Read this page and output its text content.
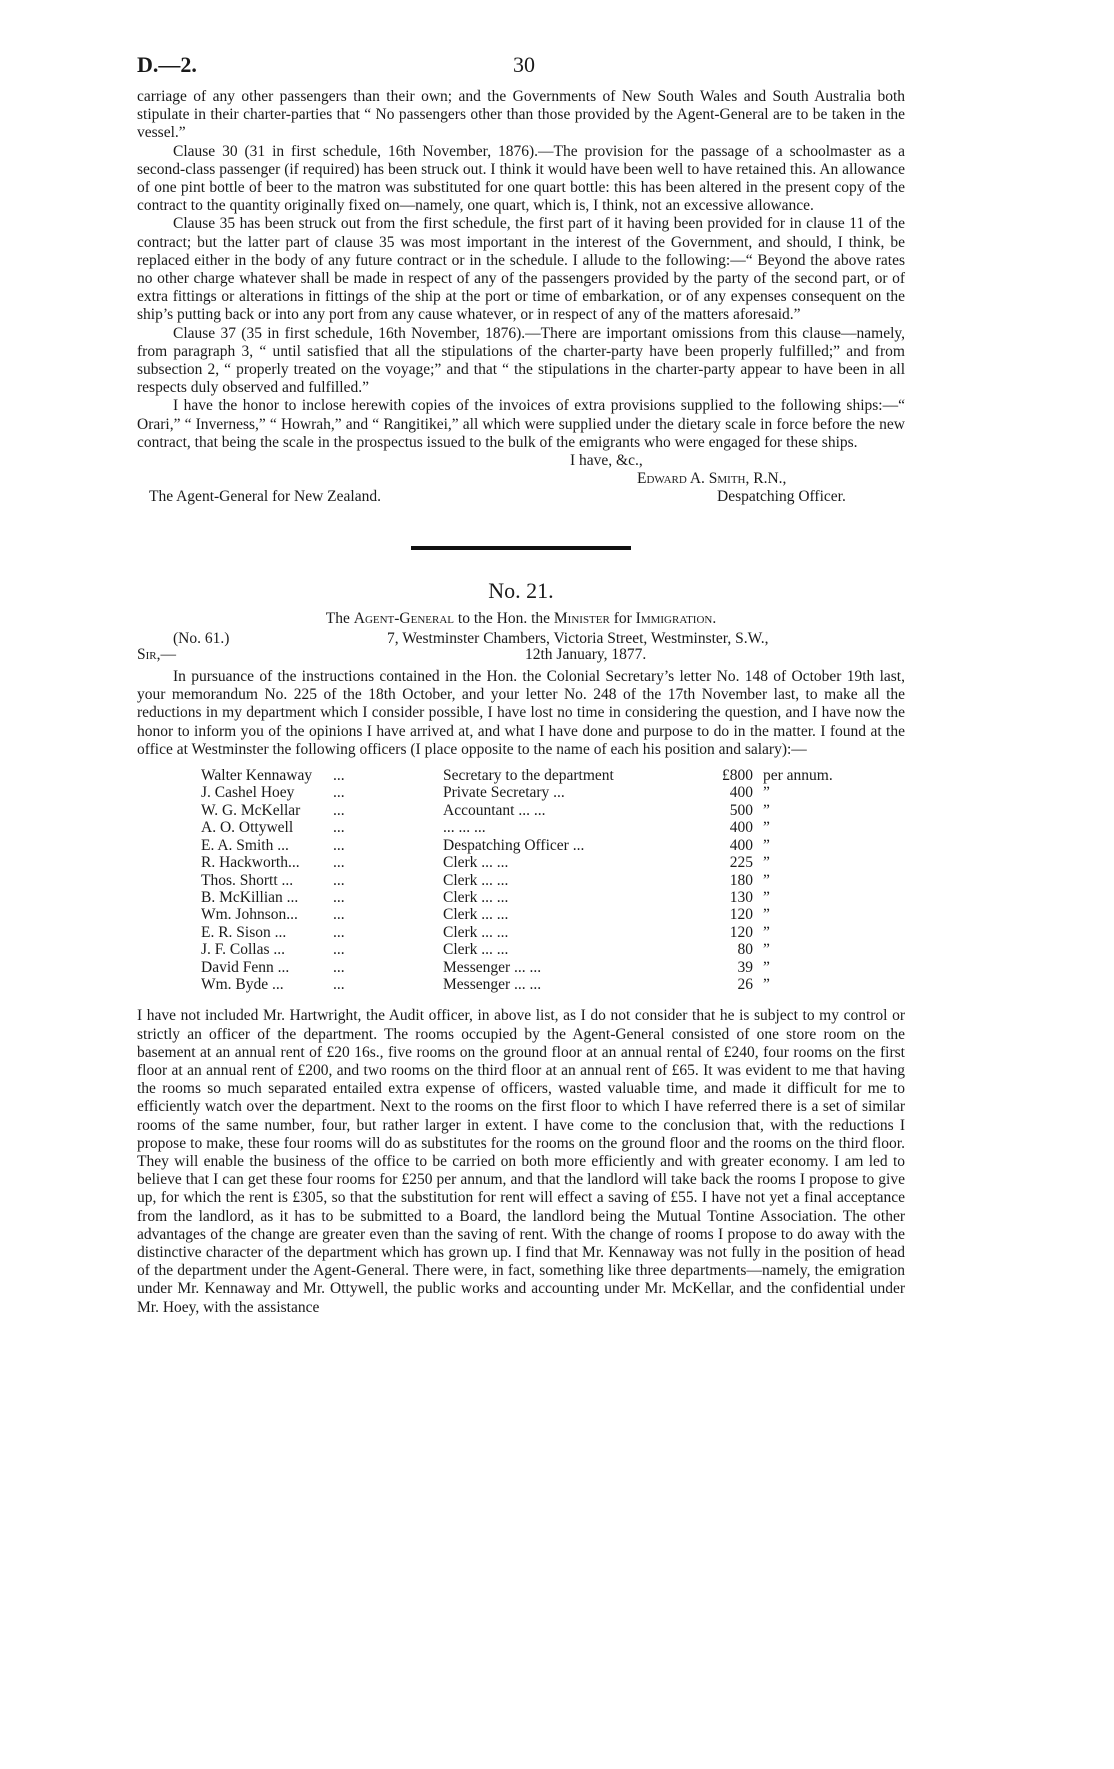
D.—2.	30

carriage of any other passengers than their own; and the Governments of New South Wales and South Australia both stipulate in their charter-parties that “ No passengers other than those provided by the Agent-General are to be taken in the vessel.”

Clause 30 (31 in first schedule, 16th November, 1876).—The provision for the passage of a schoolmaster as a second-class passenger (if required) has been struck out. I think it would have been well to have retained this. An allowance of one pint bottle of beer to the matron was substituted for one quart bottle: this has been altered in the present copy of the contract to the quantity originally fixed on—namely, one quart, which is, I think, not an excessive allowance.

Clause 35 has been struck out from the first schedule, the first part of it having been provided for in clause 11 of the contract; but the latter part of clause 35 was most important in the interest of the Government, and should, I think, be replaced either in the body of any future contract or in the schedule. I allude to the following:—“ Beyond the above rates no other charge whatever shall be made in respect of any of the passengers provided by the party of the second part, or of extra fittings or alterations in fittings of the ship at the port or time of embarkation, or of any expenses consequent on the ship’s putting back or into any port from any cause whatever, or in respect of any of the matters aforesaid.”

Clause 37 (35 in first schedule, 16th November, 1876).—There are important omissions from this clause—namely, from paragraph 3, “ until satisfied that all the stipulations of the charter-party have been properly fulfilled;” and from subsection 2, “ properly treated on the voyage;” and that “ the stipulations in the charter-party appear to have been in all respects duly observed and fulfilled.”

I have the honor to inclose herewith copies of the invoices of extra provisions supplied to the following ships:—“ Orari,” “ Inverness,” “ Howrah,” and “ Rangitikei,” all which were supplied under the dietary scale in force before the new contract, that being the scale in the prospectus issued to the bulk of the emigrants who were engaged for these ships.

I have, &c.,
Edward A. Smith, R.N.,
The Agent-General for New Zealand.	Despatching Officer.
No. 21.
The Agent-General to the Hon. the Minister for Immigration.
(No. 61.)	7, Westminster Chambers, Victoria Street, Westminster, S.W.,
Sir,—	12th January, 1877.

In pursuance of the instructions contained in the Hon. the Colonial Secretary’s letter No. 148 of October 19th last, your memorandum No. 225 of the 18th October, and your letter No. 248 of the 17th November last, to make all the reductions in my department which I consider possible, I have lost no time in considering the question, and I have now the honor to inform you of the opinions I have arrived at, and what I have done and purpose to do in the matter. I found at the office at Westminster the following officers (I place opposite to the name of each his position and salary):—

Walter Kennaway	...	Secretary to the department	£800	per annum.
J. Cashel Hoey	...	Private Secretary ...	400	”
W. G. McKellar	...	Accountant ... ...	500	”
A. O. Ottywell	...	... ... ...	400	”
E. A. Smith ...	...	Despatching Officer ...	400	”
R. Hackworth...	...	Clerk ... ...	225	”
Thos. Shortt ...	...	Clerk ... ...	180	”
B. McKillian ...	...	Clerk ... ...	130	”
Wm. Johnson...	...	Clerk ... ...	120	”
E. R. Sison ...	...	Clerk ... ...	120	”
J. F. Collas ...	...	Clerk ... ...	80	”
David Fenn ...	...	Messenger ... ...	39	”
Wm. Byde ...	...	Messenger ... ...	26	”

I have not included Mr. Hartwright, the Audit officer, in above list, as I do not consider that he is subject to my control or strictly an officer of the department. The rooms occupied by the Agent-General consisted of one store room on the basement at an annual rent of £20 16s., five rooms on the ground floor at an annual rental of £240, four rooms on the first floor at an annual rent of £200, and two rooms on the third floor at an annual rent of £65. It was evident to me that having the rooms so much separated entailed extra expense of officers, wasted valuable time, and made it difficult for me to efficiently watch over the department. Next to the rooms on the first floor to which I have referred there is a set of similar rooms of the same number, four, but rather larger in extent. I have come to the conclusion that, with the reductions I propose to make, these four rooms will do as substitutes for the rooms on the ground floor and the rooms on the third floor. They will enable the business of the office to be carried on both more efficiently and with greater economy. I am led to believe that I can get these four rooms for £250 per annum, and that the landlord will take back the rooms I propose to give up, for which the rent is £305, so that the substitution for rent will effect a saving of £55. I have not yet a final acceptance from the landlord, as it has to be submitted to a Board, the landlord being the Mutual Tontine Association. The other advantages of the change are greater even than the saving of rent. With the change of rooms I propose to do away with the distinctive character of the department which has grown up. I find that Mr. Kennaway was not fully in the position of head of the department under the Agent-General. There were, in fact, something like three departments—namely, the emigration under Mr. Kennaway and Mr. Ottywell, the public works and accounting under Mr. McKellar, and the confidential under Mr. Hoey, with the assistance
